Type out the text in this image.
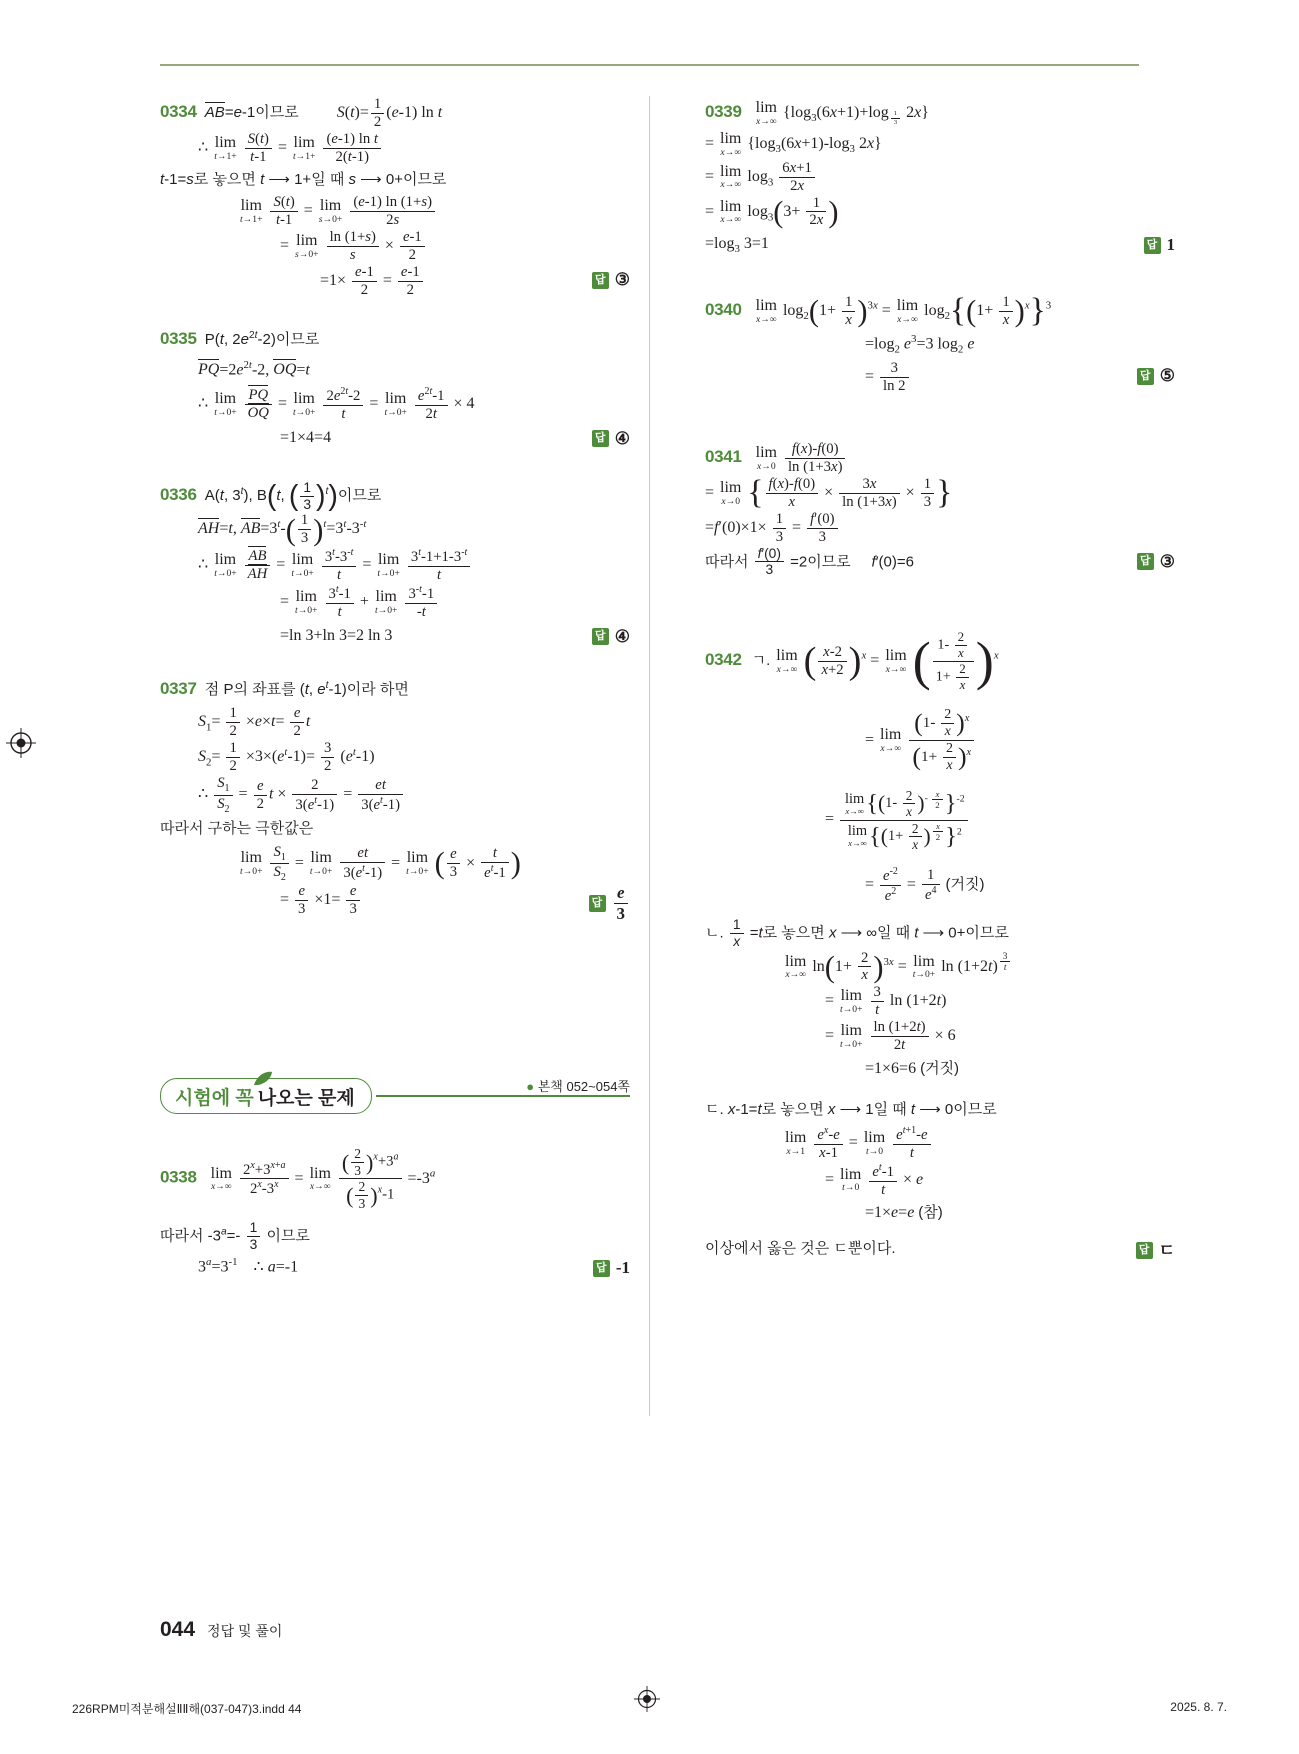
0334 AB=e-1이므로 $S(t)= \frac{1}{2} (e-1)$ ln t
∴ lim
t→1+
$\frac{S(t)}{t-1} = \lim$
t→1+
$\frac{\text{(e-1) ln t}}{2(t-1)}$
t-1=s로 놓으면 t ⟶ 1+일 때 s ⟶ 0+이므로
lim
t→1+
$\frac{S(t)}{t-1} = \lim$
s→0+
$\frac{(e-1) \ln (1+s)}{2s}$
= lim
s→0+
$\frac{\ln (1+s)}{s} \times \frac{e-1}{2}$
$=1\times \frac{e-1}{2} = \frac{e-1}{2}$	답 ③
0335  P(t, $2e^{2t}-2$)이므로
$PQ=2e^{2t}-2$, OQ=t
∴ lim
t→0+
$\frac{PQ}{OQ} = \lim$
t→0+
$\frac{2e^{2t}-2}{t} = \lim$
t→0+
$\frac{e^{2t}-1}{2t} \times 4$
=1×4=4	답 ④
0336  A(t, 3$^t$), B(t, ( $\frac{1}{3} )^t$)이므로
AH=t, $AB=3^t-( \frac{1}{3} )^t=3^t-3^{-t}$
∴ lim
t→0+
$\frac{AB}{AH} = \lim$
t→0+
$\frac{3^t-3^{-t}}{t} = \lim$
t→0+
$\frac{3^t-1+1-3^{-t}}{t}$
= lim
t→0+
$\frac{3^t-1}{t} + \lim$
t→0+
$\frac{3^{-t}-1}{-t}$
=ln 3+ln 3=2 ln 3	답 ④
0337  점 P의 좌표를 (t, $e^t-1$)이라 하면
$S_1= \frac{1}{2} \times e\times t= \frac{e}{2}$ t
$S_2= \frac{1}{2} \times 3\times(e^t-1)= \frac{3}{2} (e^t-1)$
∴ $\frac{S_1}{S_2} = \frac{e}{2}$ $t \times \frac{2}{3(e^t-1)} = \frac{et}{3(e^t-1)}$
따라서 구하는 극한값은
lim
t→0+
$\frac{S_1}{S_2} = \lim$
t→0+
$\frac{et}{3(e^t-1)} = \lim$
t→0+ ( $\frac{e}{3} \times \frac{t}{e^t-1}$ )
= $\frac{e}{3} \times 1= \frac{e}{3}$	답 $\frac{e}{3}$
시험에 꼭 나오는 문제
● 본책 052~054쪽
0338 lim
x→∞
$\frac{2^x+3^{x+a}}{2^x-3^x} = \lim$
x→∞
$\frac{( \frac{2}{3} )^x+3^a}{( \frac{2}{3} )^x-1} =-3^a$
따라서 $-3^a=- \frac{1}{3}$ 이므로
$3^a=3^{-1}$    ∴ a=-1	답 -1
0339 lim
x→∞
{$\log_3(6x+1)+\log$ $_{\frac{1}{3}}$ 2x}
= lim
x→∞
{$\log_3(6x+1)-\log_3$ 2x}
= lim
x→∞
$\log_3 \frac{6x+1}{2x}$
= lim
x→∞
$\log_3(3+ \frac{1}{2x}$ )
$=\log_3$ 3=1	답 1
0340 lim
x→∞
$\log_2(1+ \frac{1}{x} )^{3x} = \lim$
x→∞
$\log_2\{(1+ \frac{1}{x} )^x\}^3$
$=\log_2$ $e^3=3$ $\log_2 e$
= $\frac{3}{\ln 2}$	답 ⑤
0341 lim
x→0
$\frac{f(x)-f(0)}{\ln (1+3x)}$
= lim
x→0 { $\frac{f(x)-f(0)}{x} \times \frac{3x}{\ln (1+3x)} \times \frac{1}{3}$ }
$=f'(0)\times 1\times \frac{1}{3} = \frac{f'(0)}{3}$
따라서 $\frac{f'(0)}{3} =2$이므로     f′(0)=6	답 ③
0342 ㄱ. lim
x→∞ ( $\frac{x-2}{x+2} )^x = \lim$
x→∞ ( $\frac{1- \frac{2}{x}}{1+ \frac{2}{x}} )^x$
= lim
x→∞
$\frac{(1- \frac{2}{x} )^x}{(1+ \frac{2}{x} )^x}$
= lim
x→∞ {$(1- \frac{2}{x} )^{- \frac{x}{2}}$ }$^{-2}$
lim
x→∞ {($1+ \frac{2}{x}$ ) $^{\frac{x}{2}}$ }$^2$
= $\frac{e^{-2}}{e^2} = \frac{1}{e^4}$ (거짓)
ㄴ. $\frac{1}{x} =t$로 놓으면 x ⟶ ∞일 때 t ⟶ 0+이므로
lim
x→∞
$\ln(1+ \frac{2}{x} )^{3x} = \lim$
t→0+
ln (1+2t) $^{\frac{3}{t}}$
= lim
t→0+
$\frac{3}{t}$ ln (1+2t)
= lim
t→0+
$\frac{\ln (1+2t)}{2t} \times 6$
=1×6=6 (거짓)
ㄷ. x-1=t로 놓으면 x ⟶ 1일 때 t ⟶ 0이므로
lim
x→1
$\frac{e^x-e}{x-1} = \lim$
t→0
$\frac{e^{t+1}-e}{t}$
= lim
t→0
$\frac{e^t-1}{t} \times e$
=1×e=e (참)
이상에서 옳은 것은 ㄷ뿐이다.	답 ㄷ
044 정답 및 풀이
226RPM미적분해설ⅡⅡ해(037-047)3.indd 44	2025. 8. 7.
